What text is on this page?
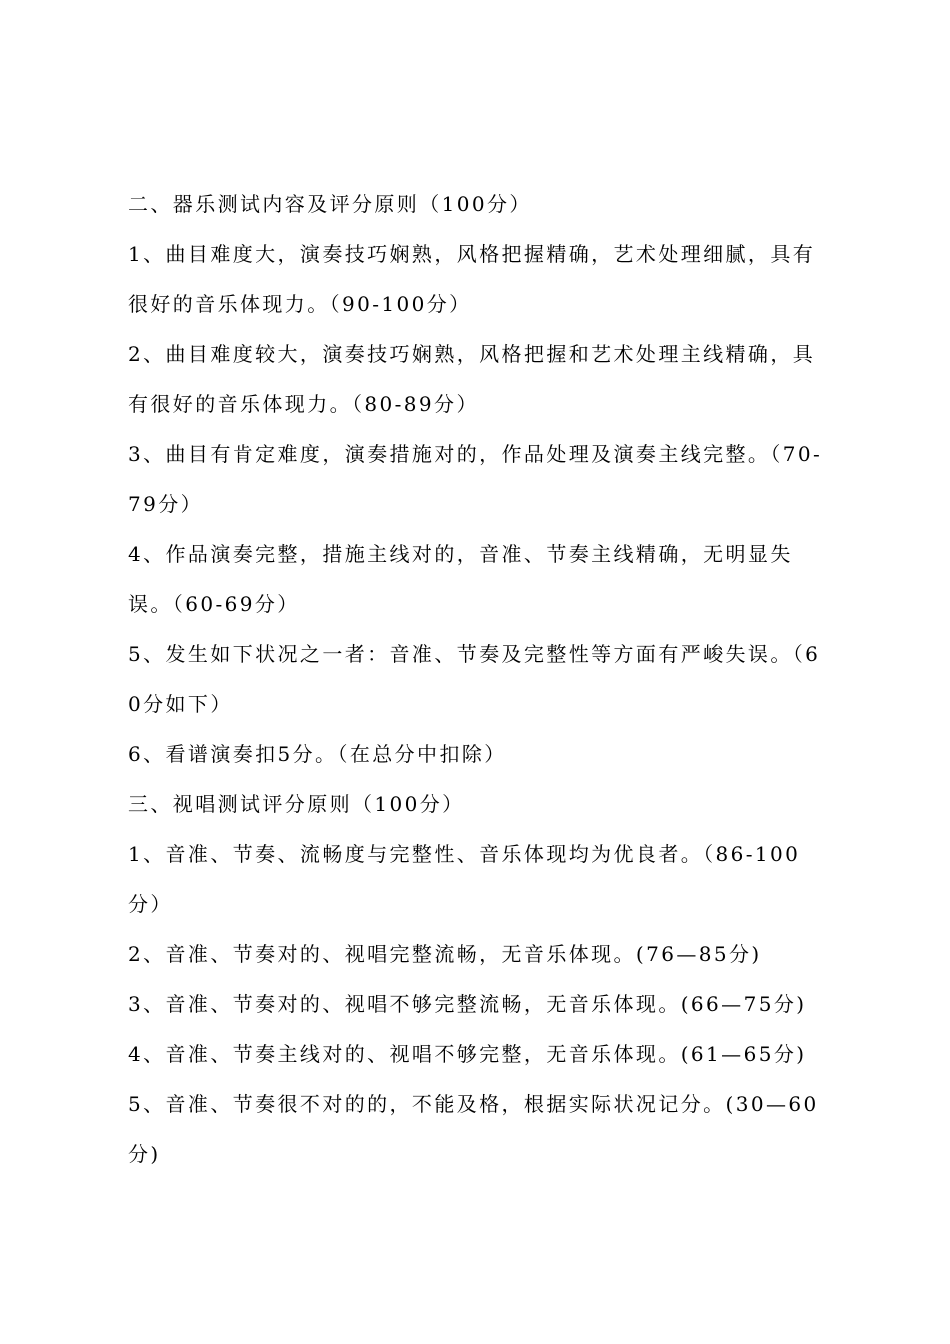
二、器乐测试内容及评分原则（100分）

1、曲目难度大，演奏技巧娴熟，风格把握精确，艺术处理细腻，具有很好的音乐体现力。（90-100分）

2、曲目难度较大，演奏技巧娴熟，风格把握和艺术处理主线精确，具有很好的音乐体现力。（80-89分）

3、曲目有肯定难度，演奏措施对的，作品处理及演奏主线完整。（70-79分）

4、作品演奏完整，措施主线对的，音准、节奏主线精确，无明显失误。（60-69分）

5、发生如下状况之一者：音准、节奏及完整性等方面有严峻失误。（60分如下）

6、看谱演奏扣5分。（在总分中扣除）

三、视唱测试评分原则（100分）

1、音准、节奏、流畅度与完整性、音乐体现均为优良者。（86-100分）

2、音准、节奏对的、视唱完整流畅，无音乐体现。(76—85分)

3、音准、节奏对的、视唱不够完整流畅，无音乐体现。(66—75分)

4、音准、节奏主线对的、视唱不够完整，无音乐体现。(61—65分)

5、音准、节奏很不对的的，不能及格，根据实际状况记分。(30—60分)
